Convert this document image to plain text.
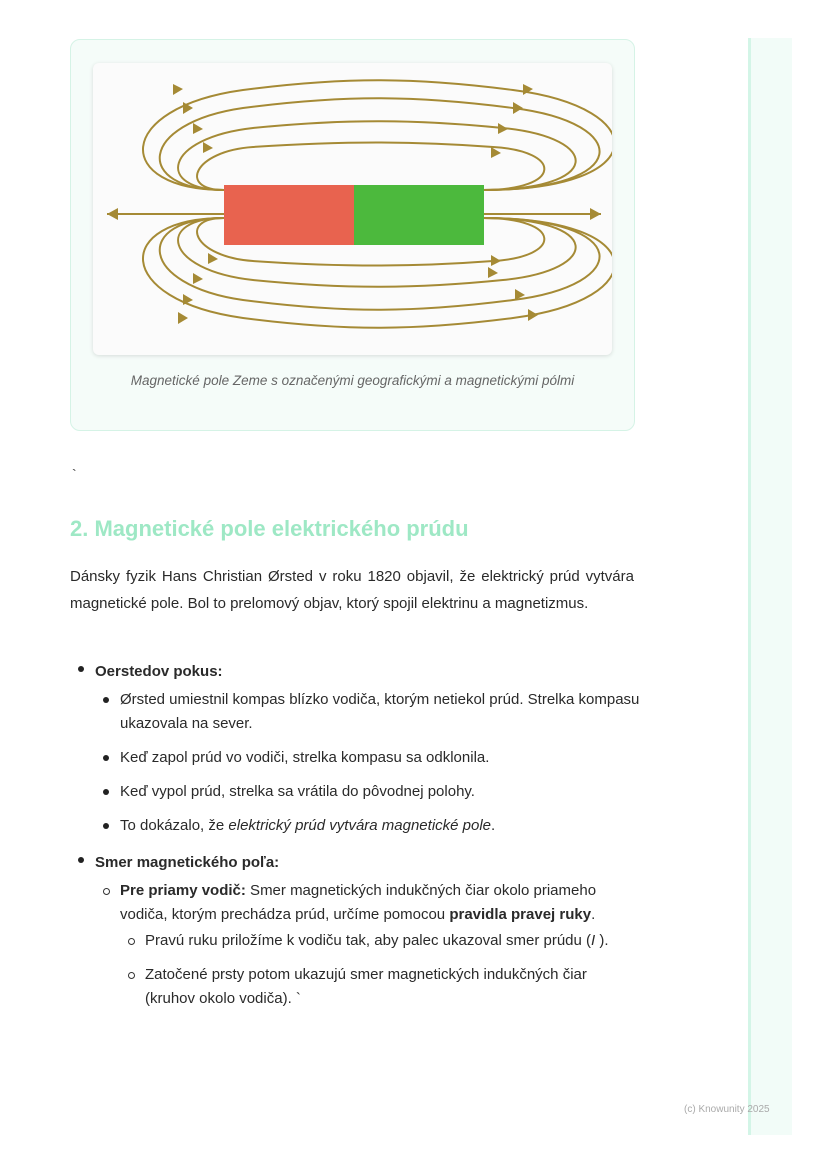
Magnetické pole Zeme s označenými geografickými a magnetickými pólmi
`
2. Magnetické pole elektrického prúdu

Dánsky fyzik Hans Christian Ørsted v roku 1820 objavil, že elektrický prúd vytvára magnetické pole. Bol to prelomový objav, ktorý spojil elektrinu a magnetizmus.

Oerstedov pokus:
Ørsted umiestnil kompas blízko vodiča, ktorým netiekol prúd. Strelka kompasu ukazovala na sever.
Keď zapol prúd vo vodiči, strelka kompasu sa odklonila.
Keď vypol prúd, strelka sa vrátila do pôvodnej polohy.
To dokázalo, že elektrický prúd vytvára magnetické pole.
Smer magnetického poľa:
Pre priamy vodič: Smer magnetických indukčných čiar okolo priameho vodiča, ktorým prechádza prúd, určíme pomocou pravidla pravej ruky.
Pravú ruku priložíme k vodiču tak, aby palec ukazoval smer prúdu (I ).
Zatočené prsty potom ukazujú smer magnetických indukčných čiar (kruhov okolo vodiča). `
(c) Knowunity 2025
